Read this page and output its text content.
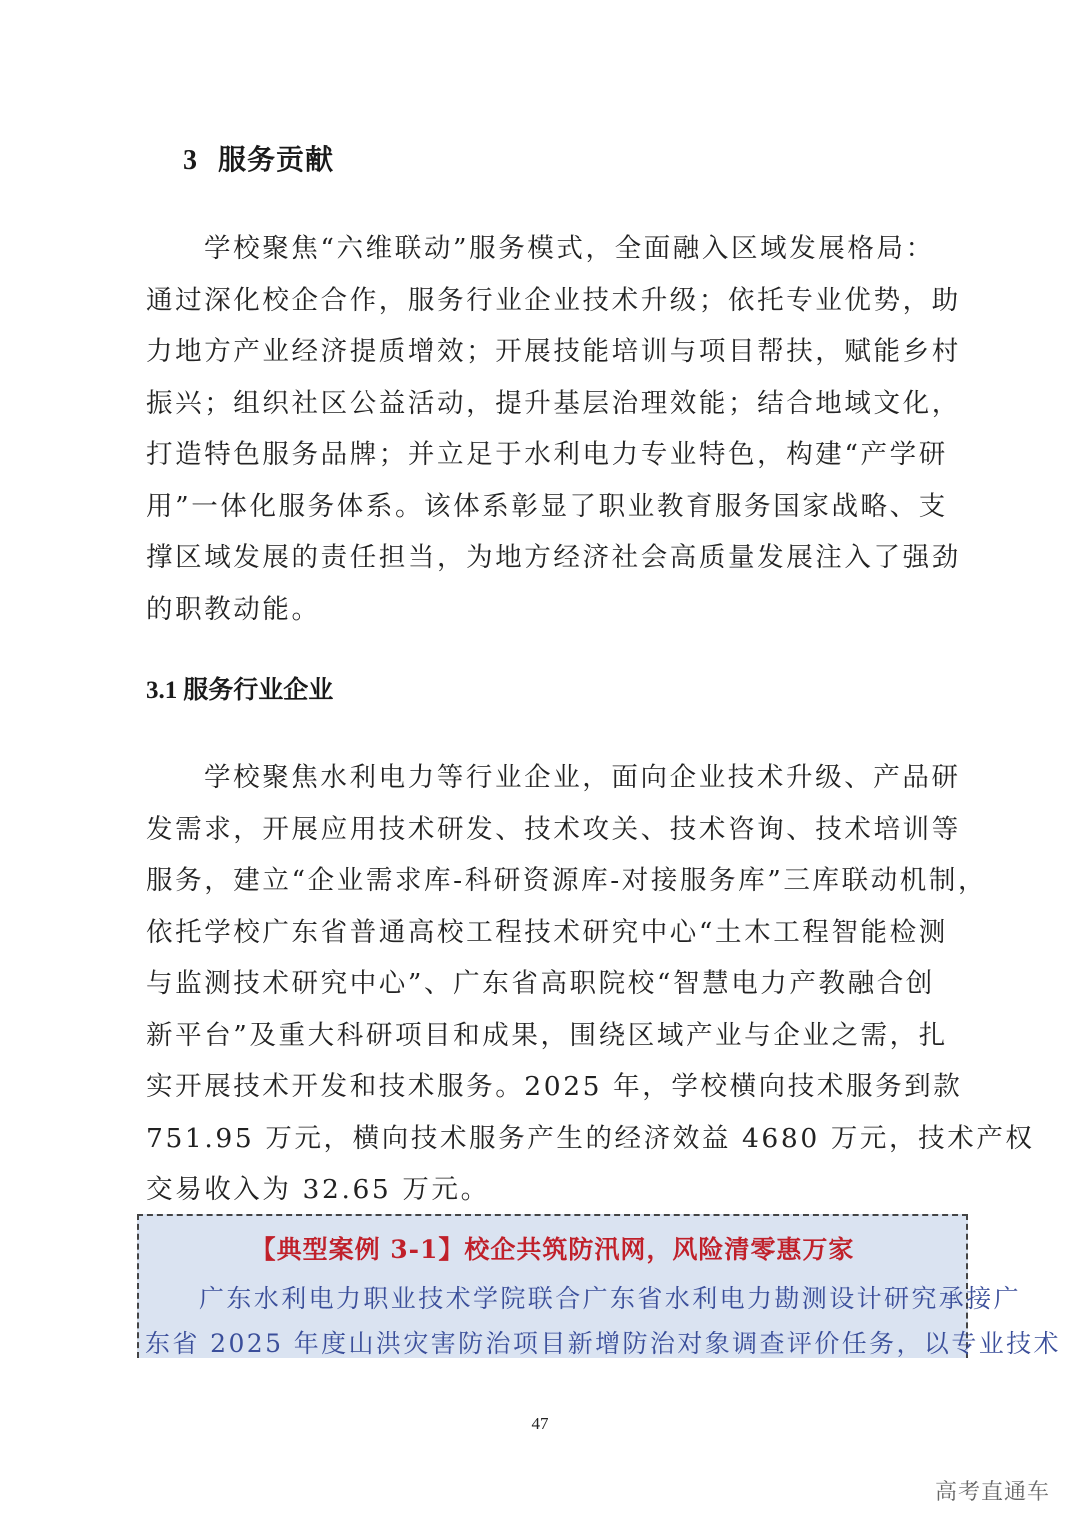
3 服务贡献
学校聚焦“六维联动”服务模式，全面融入区域发展格局：
通过深化校企合作，服务行业企业技术升级；依托专业优势，助
力地方产业经济提质增效；开展技能培训与项目帮扶，赋能乡村
振兴；组织社区公益活动，提升基层治理效能；结合地域文化，
打造特色服务品牌；并立足于水利电力专业特色，构建“产学研
用”一体化服务体系。该体系彰显了职业教育服务国家战略、支
撑区域发展的责任担当，为地方经济社会高质量发展注入了强劲
的职教动能。
3.1 服务行业企业
学校聚焦水利电力等行业企业，面向企业技术升级、产品研
发需求，开展应用技术研发、技术攻关、技术咨询、技术培训等
服务，建立“企业需求库-科研资源库-对接服务库”三库联动机制，
依托学校广东省普通高校工程技术研究中心“土木工程智能检测
与监测技术研究中心”、广东省高职院校“智慧电力产教融合创
新平台”及重大科研项目和成果，围绕区域产业与企业之需，扎
实开展技术开发和技术服务。2025 年，学校横向技术服务到款
751.95 万元，横向技术服务产生的经济效益 4680 万元，技术产权
交易收入为 32.65 万元。
【典型案例 3-1】校企共筑防汛网，风险清零惠万家
广东水利电力职业技术学院联合广东省水利电力勘测设计研究承接广
东省 2025 年度山洪灾害防治项目新增防治对象调查评价任务，以专业技术
47
高考直通车
